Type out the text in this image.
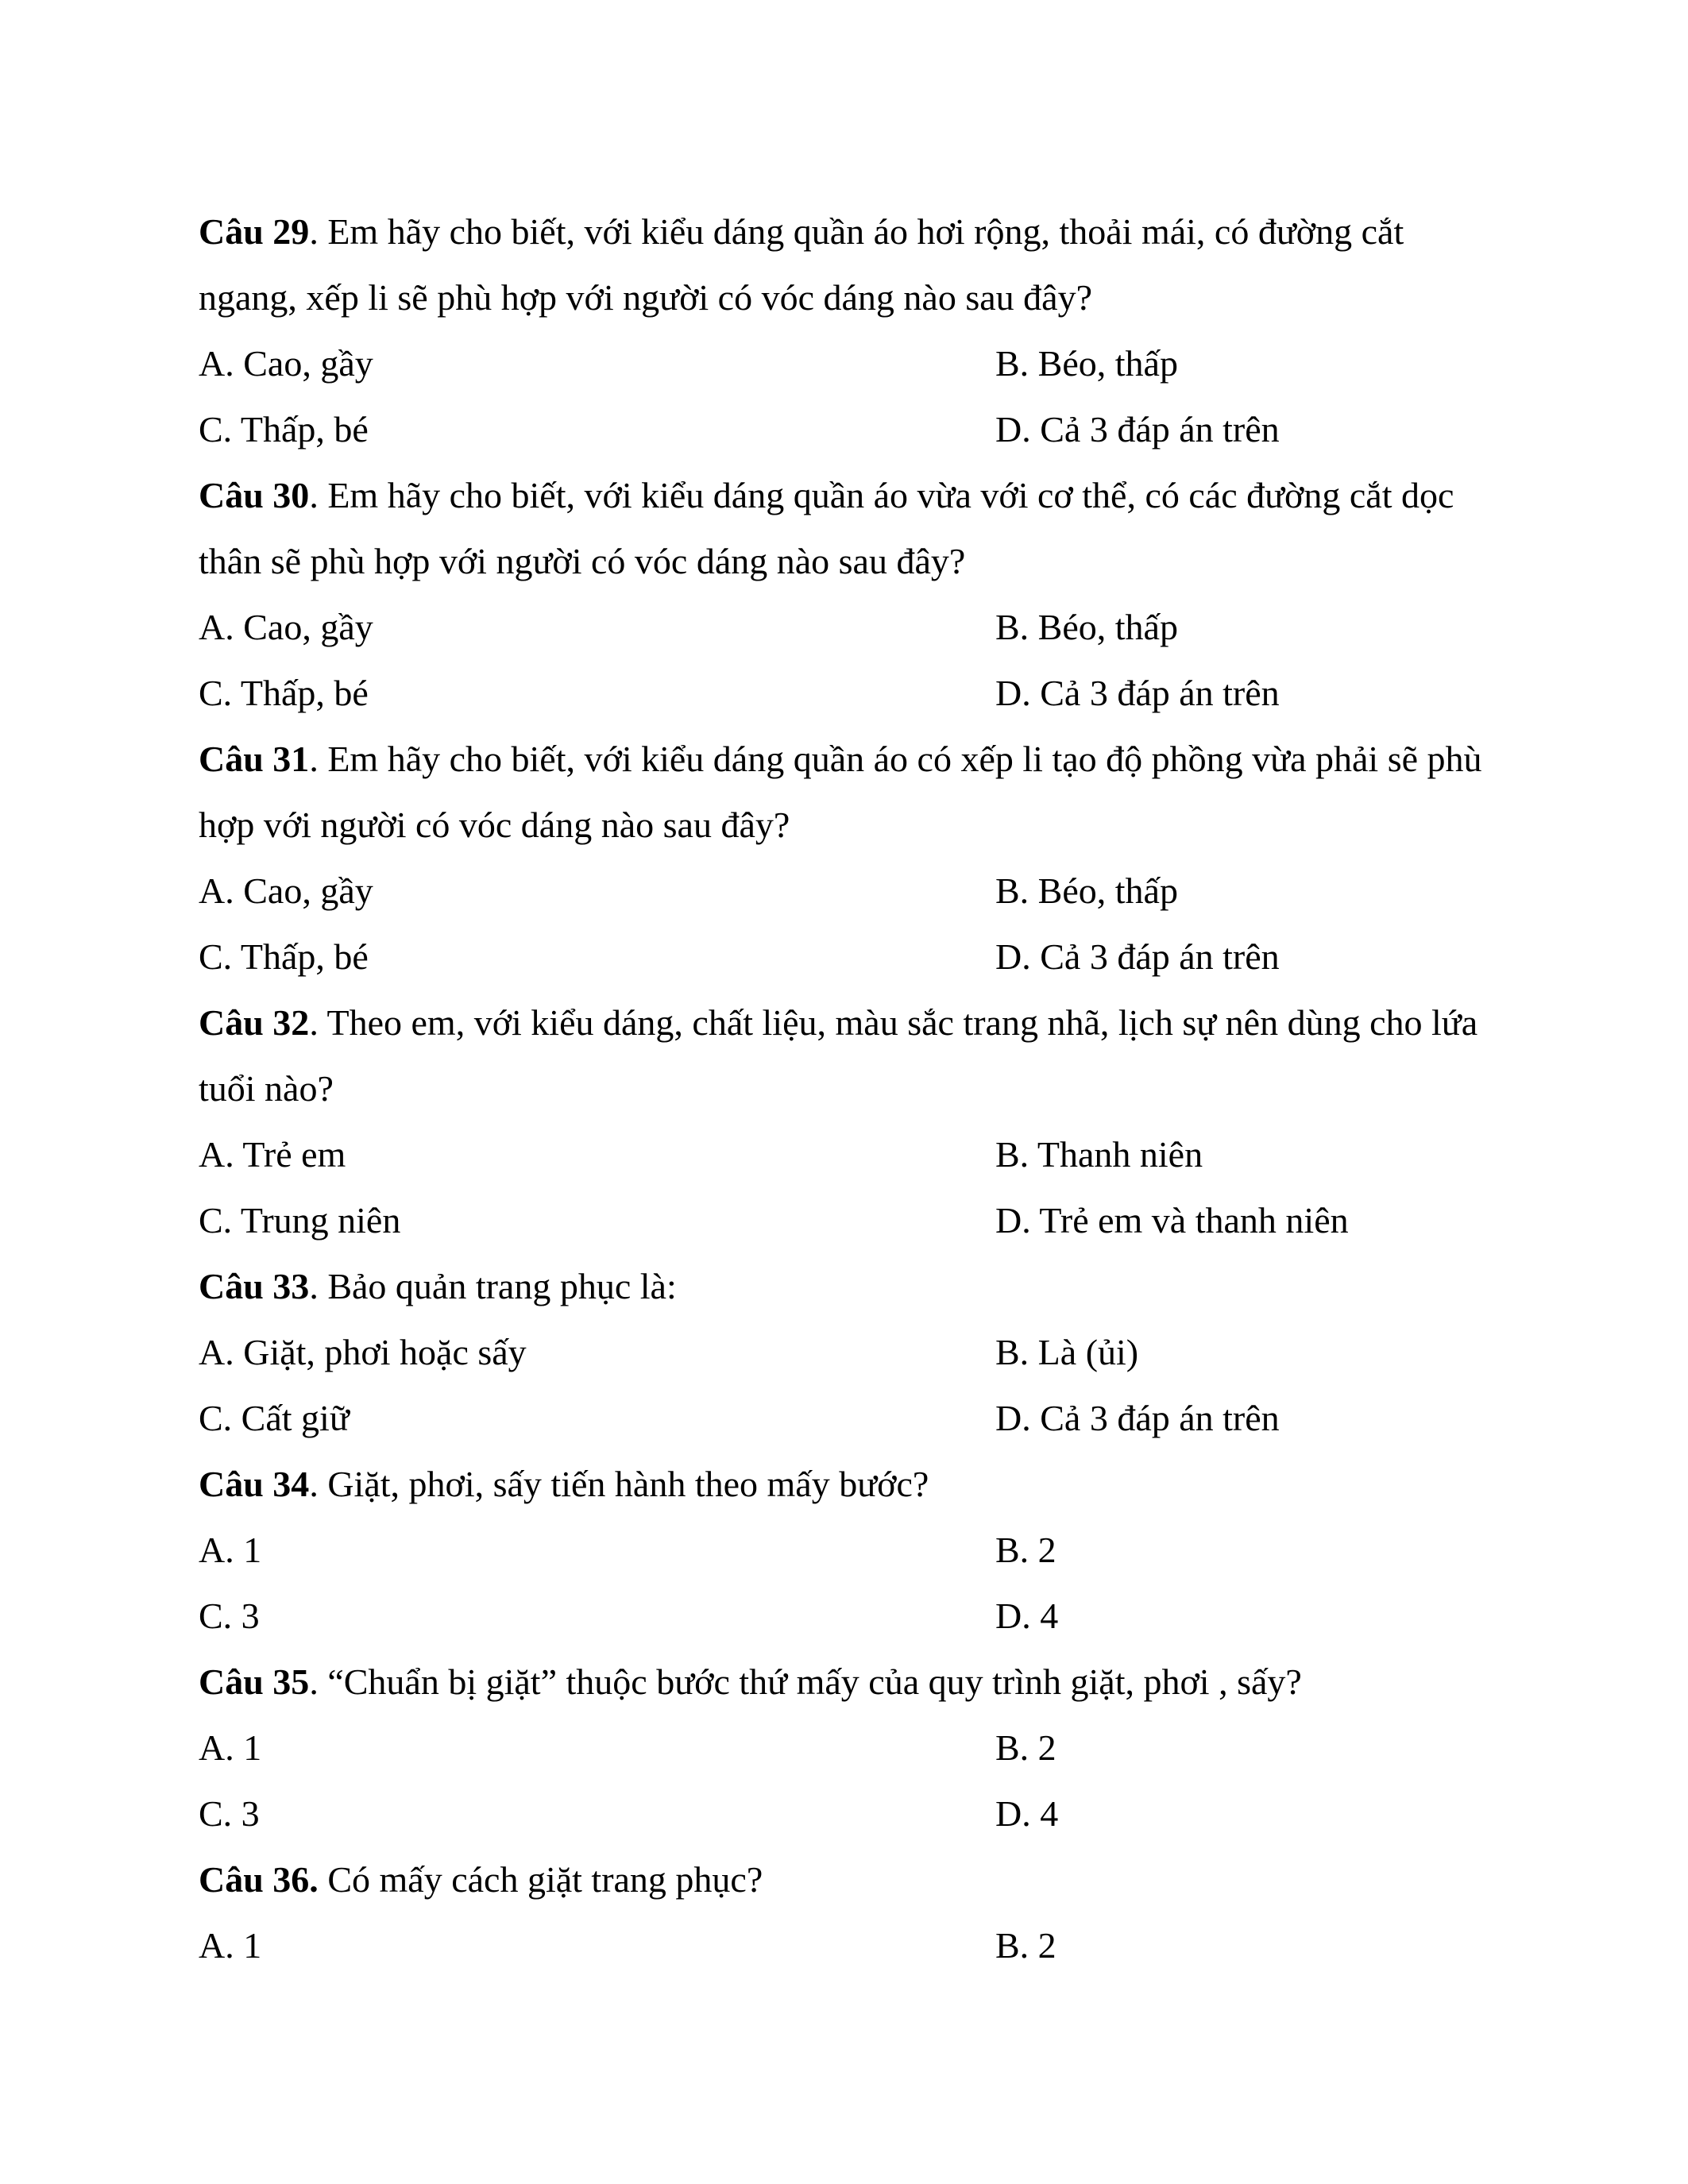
Câu 29. Em hãy cho biết, với kiểu dáng quần áo hơi rộng, thoải mái, có đường cắt ngang, xếp li sẽ phù hợp với người có vóc dáng nào sau đây?

A. Cao, gầy	B. Béo, thấp
C. Thấp, bé	D. Cả 3 đáp án trên

Câu 30. Em hãy cho biết, với kiểu dáng quần áo vừa với cơ thể, có các đường cắt dọc thân sẽ phù hợp với người có vóc dáng nào sau đây?

A. Cao, gầy	B. Béo, thấp
C. Thấp, bé	D. Cả 3 đáp án trên

Câu 31. Em hãy cho biết, với kiểu dáng quần áo có xếp li tạo độ phồng vừa phải sẽ phù hợp với người có vóc dáng nào sau đây?

A. Cao, gầy	B. Béo, thấp
C. Thấp, bé	D. Cả 3 đáp án trên

Câu 32. Theo em, với kiểu dáng, chất liệu, màu sắc trang nhã, lịch sự nên dùng cho lứa tuổi nào?

A. Trẻ em	B. Thanh niên
C. Trung niên	D. Trẻ em và thanh niên

Câu 33. Bảo quản trang phục là:

A. Giặt, phơi hoặc sấy	B. Là (ủi)
C. Cất giữ	D. Cả 3 đáp án trên

Câu 34. Giặt, phơi, sấy tiến hành theo mấy bước?

A. 1	B. 2
C. 3	D. 4

Câu 35. “Chuẩn bị giặt” thuộc bước thứ mấy của quy trình giặt, phơi , sấy?

A. 1	B. 2
C. 3	D. 4

Câu 36. Có mấy cách giặt trang phục?

A. 1	B. 2
